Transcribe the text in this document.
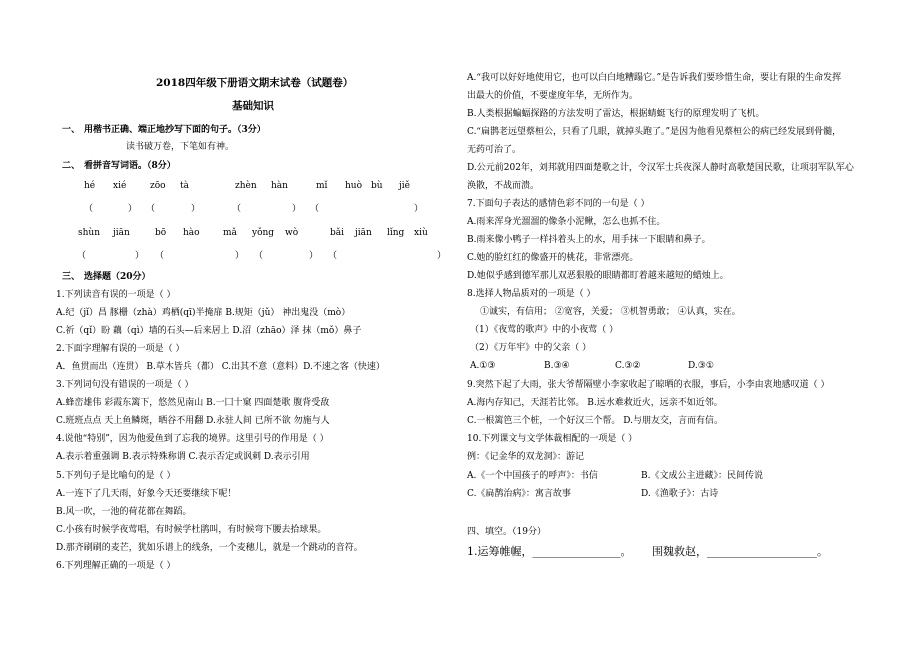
2018四年级下册语文期末试卷（试题卷）
基础知识
一、 用楷书正确、端正地抄写下面的句子。（3分）
读书破万卷，下笔如有神。
二、 看拼音写词语。（8分）
hé xié	zōo tà	zhèn hàn	mǐ huò bù jiě
（	） （	）	（	） （	）
shùn jiān	bō hào	mǎ yǒng wò	bǎi jiān lǐng xiù
（	） （	） （	） （	）
三、 选择题（20分）
1.下列读音有误的一项是（ ）
A.纪（jǐ）昌 豚栅（zhà）鸡栖(qī)半掩扉 B.规矩（jǔ） 神出鬼没（mò）
C.祈（qǐ）盼 藕（qì）墙的石头—后来居上 D.沼（zhāo）泽 抹（mǒ）鼻子
2.下面字理解有误的一项是（ ）
A．鱼贯而出（连贯） B.草木皆兵（都） C.出其不意（意料）D.不速之客（快速）
3.下列词句没有错误的一项是（ ）
A.蜂峦雄伟 彩霞东篱下，悠然见南山 B.一囗十窠 四面楚歌 腹背受敌
C.班班点点 天上鱼鳞斑，晒谷不用翻 D.永驻人间 已所不欲 勿施与人
4.说他“特别”，因为他爱鱼到了忘我的境界。这里引号的作用是（ ）
A.表示着重强调 B.表示特殊称谓 C.表示否定或讽刺 D.表示引用
5.下列句子是比喻句的是（ ）
A.一连下了几天雨，好象今天还要继续下呢！
B.风一吹，一池的荷花都在舞蹈。
C.小孩有时候学夜莺唱，有时候学杜鹃叫，有时候弯下腰去拾球果。
D.那齐刷刷的麦芒，犹如乐谱上的线条，一个麦穗儿，就是一个跳动的音符。
6.下列理解正确的一项是（ ）
A.“我可以好好地使用它，也可以白白地糟蹋它。”是告诉我们要珍惜生命，要让有限的生命发挥
出最大的价值，不要虚度年华，无所作为。
B.人类根据蝙蝠探路的方法发明了雷达，根据蜻蜓飞行的原理发明了飞机。
C.“扁鹊老远望蔡桓公，只看了几眼，就掉头跑了。”是因为他看见蔡桓公的病已经发展到骨髓，
无药可治了。
D.公元前202年，刘邦就用四面楚歌之计，令汉军士兵夜深人静时高歌楚国民歌，让项羽军队军心
涣散，不战而溃。
7.下面句子表达的感情色彩不同的一句是（ ）
A.雨来浑身光溜溜的像条小泥鳅，怎么也抓不住。
B.雨来像小鸭子一样抖着头上的水，用手抹一下眼睛和鼻子。
C.她的脸红红的像盛开的桃花，非常漂亮。
D.她似乎感到德军那儿双恶狠般的眼睛都盯着越来越短的蜡烛上。
8.选择人物品质对的一项是（ ）
①诚实，有信用； ②宽容，关爱； ③机智勇敢； ④认真，实在。
（1）《夜莺的歌声》中的小夜莺（ ）
（2）《万年牢》中的父亲（ ）
A.①③	B.③④	C.③②	D.③①
9.突然下起了大雨，张大爷帮隔壁小李家收起了晾晒的衣服，事后，小李由衷地感叹道（ ）
A.海内存知己，天涯若比邻。 B.远水难救近火，远亲不如近邻。
C.一根篱笆三个桩，一个好汉三个帮。 D.与朋友交，言而有信。
10.下列课文与文学体裁相配的一项是（ ）
例：《记金华的双龙洞》：游记
A.《一个中国孩子的呼声》：书信	B.《文成公主进藏》：民间传说
C.《扁鹊治病》：寓言故事	D.《渔歌子》：古诗
四、填空。（19分）
1.运筹帷幄，________________。 围魏救赵，____________________。
